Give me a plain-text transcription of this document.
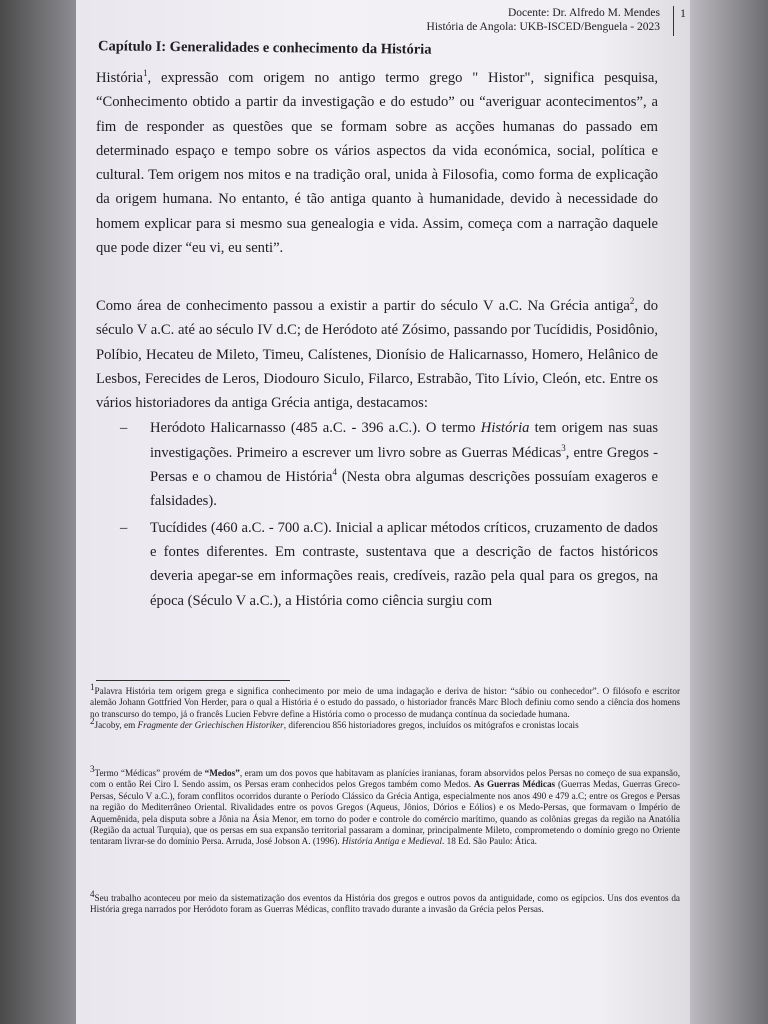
Docente: Dr. Alfredo M. Mendes
História de Angola: UKB-ISCED/Benguela - 2023
1
Capítulo I: Generalidades e conhecimento da História

História$^1$, expressão com origem no antigo termo grego " Histor", significa pesquisa, “Conhecimento obtido a partir da investigação e do estudo” ou “averiguar acontecimentos”, a fim de responder as questões que se formam sobre as acções humanas do passado em determinado espaço e tempo sobre os vários aspectos da vida económica, social, política e cultural. Tem origem nos mitos e na tradição oral, unida à Filosofia, como forma de explicação da origem humana. No entanto, é tão antiga quanto à humanidade, devido à necessidade do homem explicar para si mesmo sua genealogia e vida. Assim, começa com a narração daquele que pode dizer “eu vi, eu senti”.

Como área de conhecimento passou a existir a partir do século V a.C. Na Grécia antiga$^2$, do século V a.C. até ao século IV d.C; de Heródoto até Zósimo, passando por Tucídidis, Posidônio, Políbio, Hecateu de Mileto, Timeu, Calístenes, Dionísio de Halicarnasso, Homero, Helânico de Lesbos, Ferecides de Leros, Diodouro Siculo, Filarco, Estrabão, Tito Lívio, Cleón, etc. Entre os vários historiadores da antiga Grécia antiga, destacamos:

– Heródoto Halicarnasso (485 a.C. - 396 a.C.). O termo História tem origem nas suas investigações. Primeiro a escrever um livro sobre as Guerras Médicas$^3$, entre Gregos - Persas e o chamou de História$^4$ (Nesta obra algumas descrições possuíam exageros e falsidades).
– Tucídides (460 a.C. - 700 a.C). Inicial a aplicar métodos críticos, cruzamento de dados e fontes diferentes. Em contraste, sustentava que a descrição de factos históricos deveria apegar-se em informações reais, credíveis, razão pela qual para os gregos, na época (Século V a.C.), a História como ciência surgiu com

$^1$Palavra História tem origem grega e significa conhecimento por meio de uma indagação e deriva de histor: “sábio ou conhecedor”. O filósofo e escritor alemão Johann Gottfried Von Herder, para o qual a História é o estudo do passado, o historiador francês Marc Bloch definiu como sendo a ciência dos homens no transcurso do tempo, já o francês Lucien Febvre define a História como o processo de mudança contínua da sociedade humana.

$^2$Jacoby, em Fragmente der Griechischen Historiker, diferenciou 856 historiadores gregos, incluídos os mitógrafos e cronistas locais

$^3$Termo “Médicas” provém de “Medos”, eram um dos povos que habitavam as planícies iranianas, foram absorvidos pelos Persas no começo de sua expansão, com o então Rei Ciro I. Sendo assim, os Persas eram conhecidos pelos Gregos também como Medos. As Guerras Médicas (Guerras Medas, Guerras Greco-Persas, Século V a.C.), foram conflitos ocorridos durante o Período Clássico da Grécia Antiga, especialmente nos anos 490 e 479 a.C; entre os Gregos e Persas na região do Mediterrâneo Oriental. Rivalidades entre os povos Gregos (Aqueus, Jônios, Dórios e Eólios) e os Medo-Persas, que formavam o Império de Aquemênida, pela disputa sobre a Jônia na Ásia Menor, em torno do poder e controle do comércio marítimo, quando as colônias gregas da região na Anatólia (Região da actual Turquia), que os persas em sua expansão territorial passaram a dominar, principalmente Mileto, comprometendo o domínio grego no Oriente tentaram livrar-se do domínio Persa. Arruda, José Jobson A. (1996). História Antiga e Medieval. 18 Ed. São Paulo: Ática.

$^4$Seu trabalho aconteceu por meio da sistematização dos eventos da História dos gregos e outros povos da antiguidade, como os egípcios. Uns dos eventos da História grega narrados por Heródoto foram as Guerras Médicas, conflito travado durante a invasão da Grécia pelos Persas.
